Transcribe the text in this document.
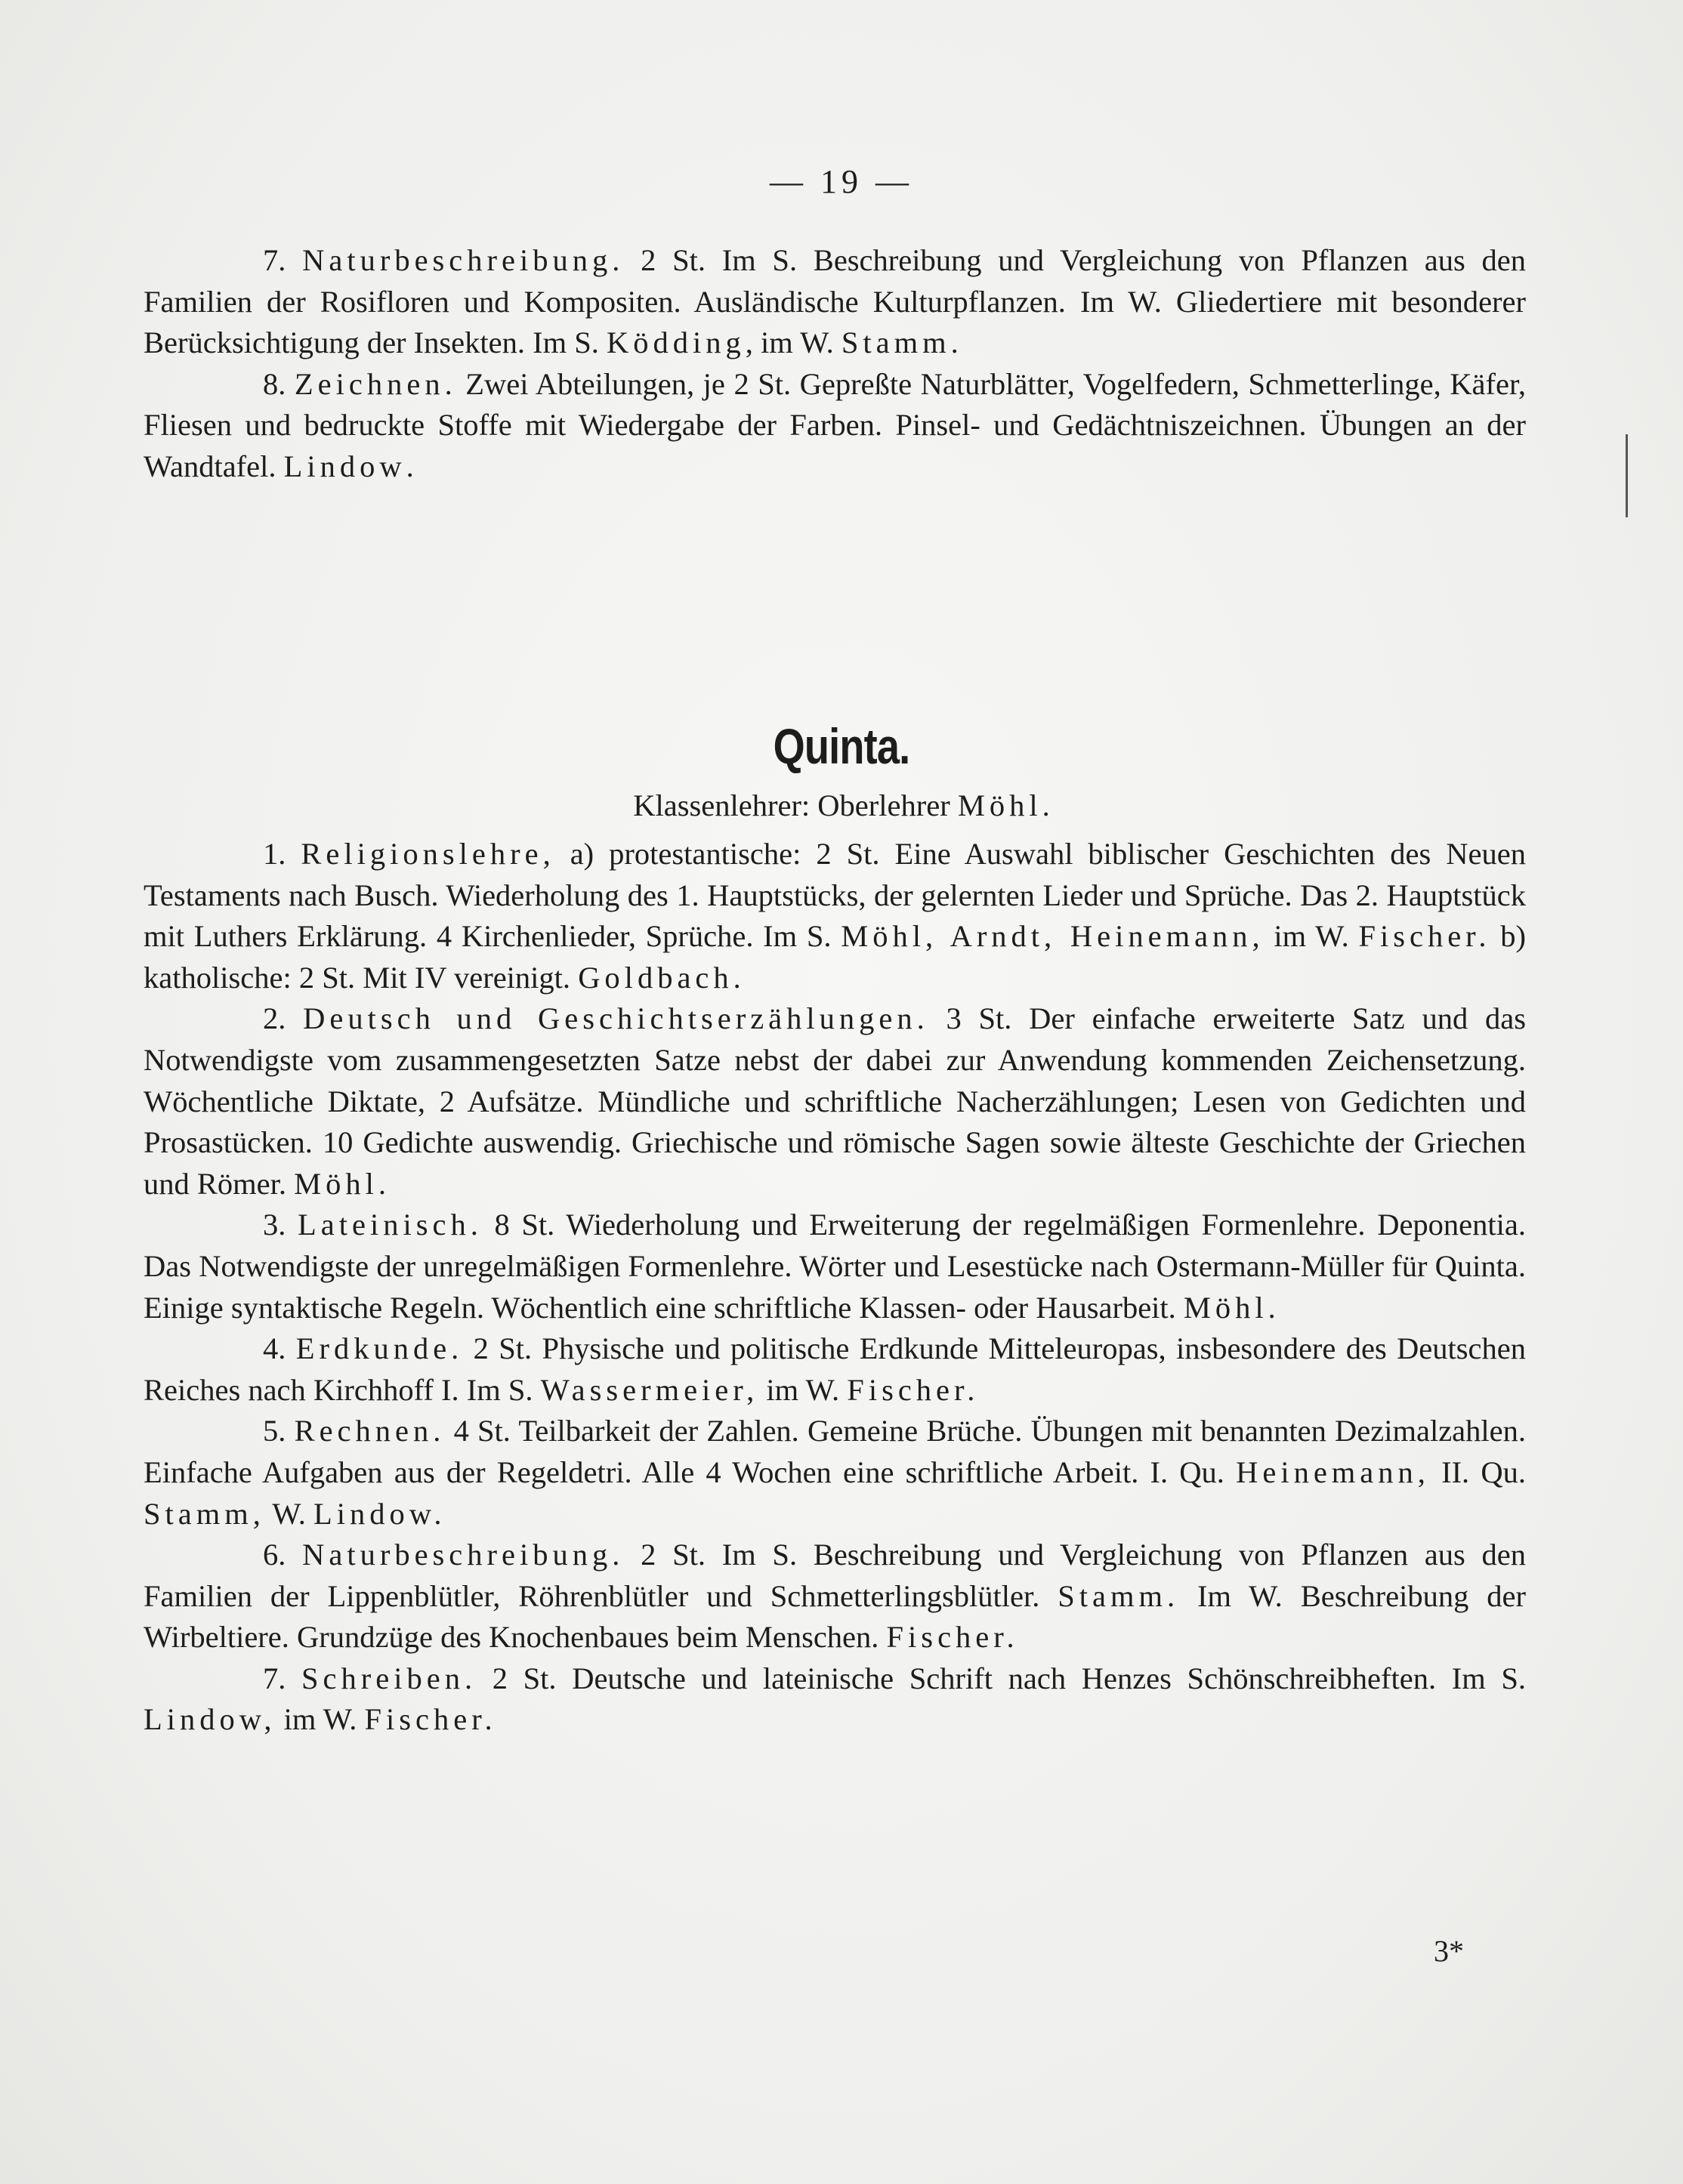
— 19 —

7. Naturbeschreibung. 2 St. Im S. Beschreibung und Vergleichung von Pflanzen aus den Familien der Rosifloren und Kompositen. Ausländische Kulturpflanzen. Im W. Gliedertiere mit besonderer Berücksichtigung der Insekten. Im S. Ködding, im W. Stamm.

8. Zeichnen. Zwei Abteilungen, je 2 St. Gepreßte Naturblätter, Vogelfedern, Schmetterlinge, Käfer, Fliesen und bedruckte Stoffe mit Wiedergabe der Farben. Pinsel- und Gedächtniszeichnen. Übungen an der Wandtafel. Lindow.

Quinta.
Klassenlehrer: Oberlehrer Möhl.

1. Religionslehre, a) protestantische: 2 St. Eine Auswahl biblischer Geschichten des Neuen Testaments nach Busch. Wiederholung des 1. Hauptstücks, der gelernten Lieder und Sprüche. Das 2. Hauptstück mit Luthers Erklärung. 4 Kirchenlieder, Sprüche. Im S. Möhl, Arndt, Heinemann, im W. Fischer. b) katholische: 2 St. Mit IV vereinigt. Goldbach.

2. Deutsch und Geschichtserzählungen. 3 St. Der einfache erweiterte Satz und das Notwendigste vom zusammengesetzten Satze nebst der dabei zur Anwendung kommenden Zeichensetzung. Wöchentliche Diktate, 2 Aufsätze. Mündliche und schriftliche Nacherzählungen; Lesen von Gedichten und Prosastücken. 10 Gedichte auswendig. Griechische und römische Sagen sowie älteste Geschichte der Griechen und Römer. Möhl.

3. Lateinisch. 8 St. Wiederholung und Erweiterung der regelmäßigen Formenlehre. Deponentia. Das Notwendigste der unregelmäßigen Formenlehre. Wörter und Lesestücke nach Ostermann-Müller für Quinta. Einige syntaktische Regeln. Wöchentlich eine schriftliche Klassen- oder Hausarbeit. Möhl.

4. Erdkunde. 2 St. Physische und politische Erdkunde Mitteleuropas, insbesondere des Deutschen Reiches nach Kirchhoff I. Im S. Wassermeier, im W. Fischer.

5. Rechnen. 4 St. Teilbarkeit der Zahlen. Gemeine Brüche. Übungen mit benannten Dezimalzahlen. Einfache Aufgaben aus der Regeldetri. Alle 4 Wochen eine schriftliche Arbeit. I. Qu. Heinemann, II. Qu. Stamm, W. Lindow.

6. Naturbeschreibung. 2 St. Im S. Beschreibung und Vergleichung von Pflanzen aus den Familien der Lippenblütler, Röhrenblütler und Schmetterlingsblütler. Stamm. Im W. Beschreibung der Wirbeltiere. Grundzüge des Knochenbaues beim Menschen. Fischer.

7. Schreiben. 2 St. Deutsche und lateinische Schrift nach Henzes Schönschreibheften. Im S. Lindow, im W. Fischer.

3*
